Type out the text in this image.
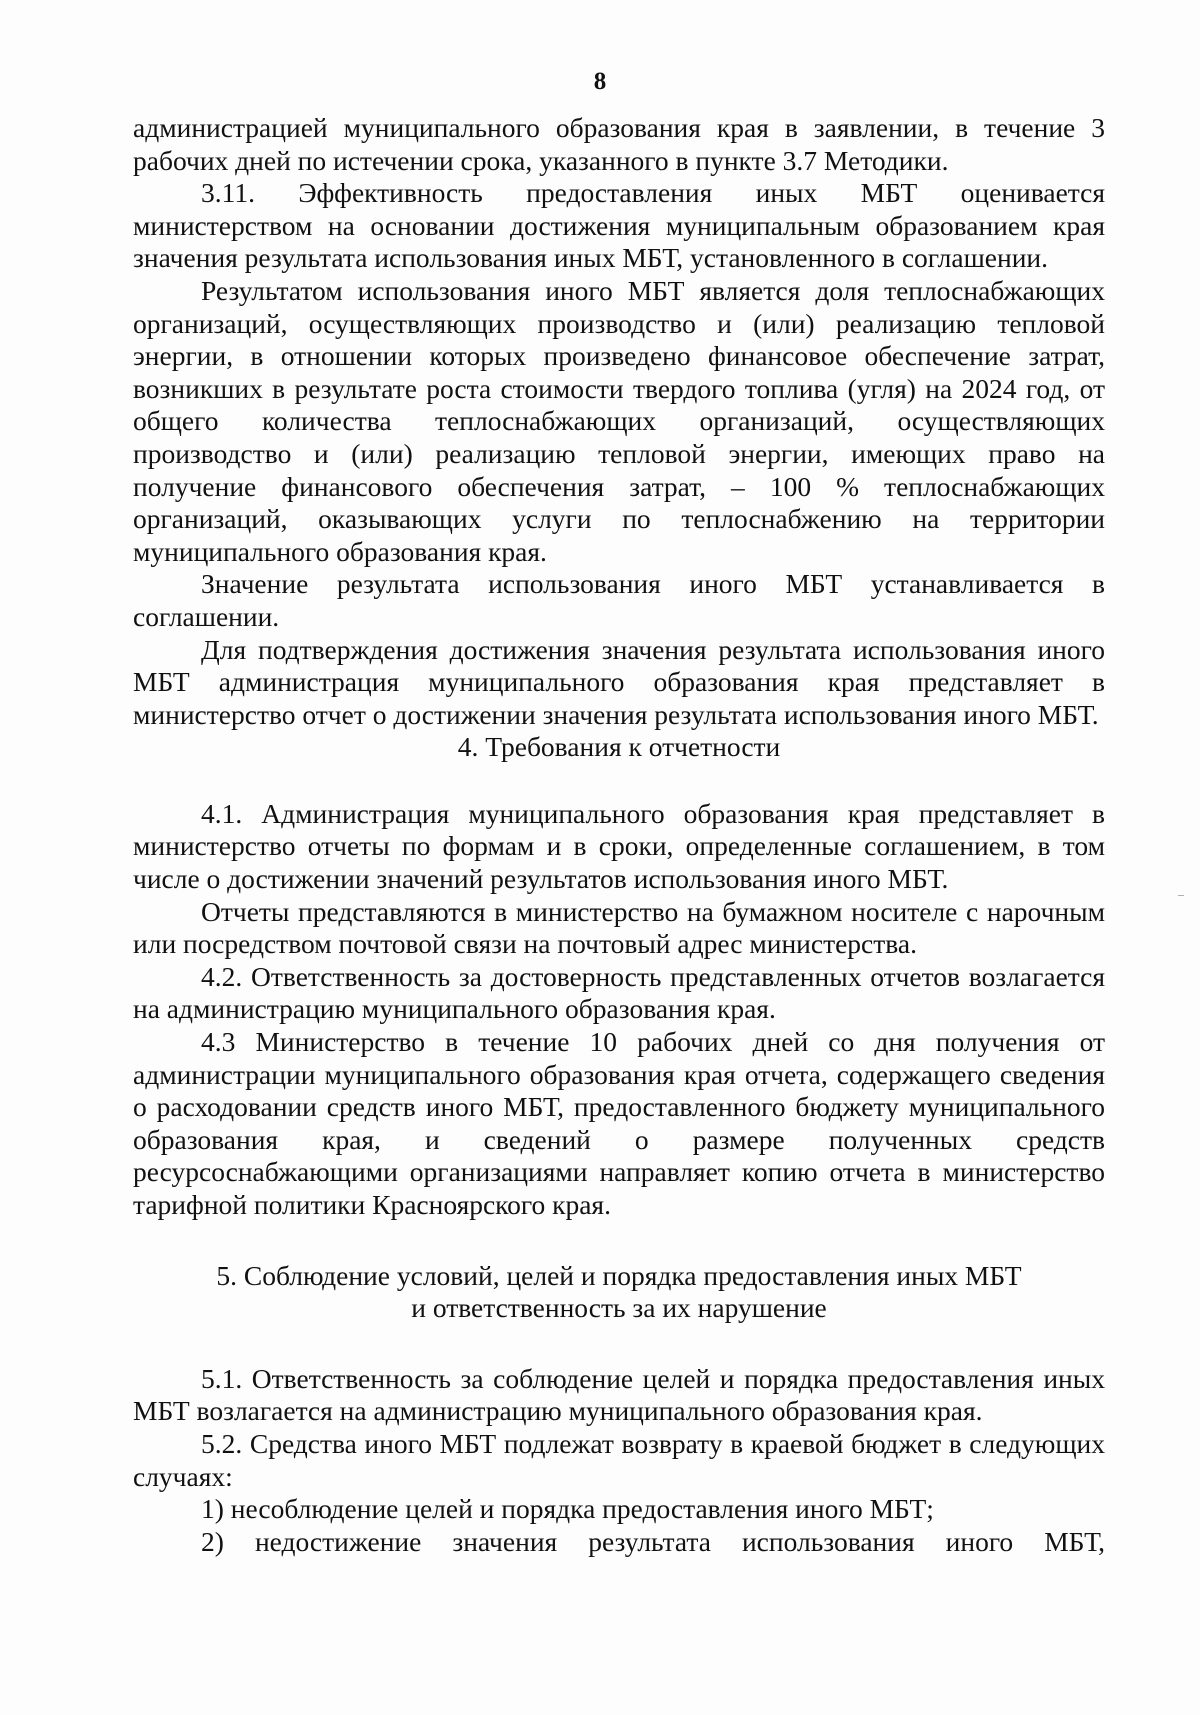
8

администрацией муниципального образования края в заявлении, в течение 3 рабочих дней по истечении срока, указанного в пункте 3.7 Методики.

3.11. Эффективность предоставления иных МБТ оценивается министерством на основании достижения муниципальным образованием края значения результата использования иных МБТ, установленного в соглашении.

Результатом использования иного МБТ является доля теплоснабжающих организаций, осуществляющих производство и (или) реализацию тепловой энергии, в отношении которых произведено финансовое обеспечение затрат, возникших в результате роста стоимости твердого топлива (угля) на 2024 год, от общего количества теплоснабжающих организаций, осуществляющих производство и (или) реализацию тепловой энергии, имеющих право на получение финансового обеспечения затрат, – 100 % теплоснабжающих организаций, оказывающих услуги по теплоснабжению на территории муниципального образования края.

Значение результата использования иного МБТ устанавливается в соглашении.

Для подтверждения достижения значения результата использования иного МБТ администрация муниципального образования края представляет в министерство отчет о достижении значения результата использования иного МБТ.

4. Требования к отчетности

4.1. Администрация муниципального образования края представляет в министерство отчеты по формам и в сроки, определенные соглашением, в том числе о достижении значений результатов использования иного МБТ.

Отчеты представляются в министерство на бумажном носителе с нарочным или посредством почтовой связи на почтовый адрес министерства.

4.2. Ответственность за достоверность представленных отчетов возлагается на администрацию муниципального образования края.

4.3 Министерство в течение 10 рабочих дней со дня получения от администрации муниципального образования края отчета, содержащего сведения о расходовании средств иного МБТ, предоставленного бюджету муниципального образования края, и сведений о размере полученных средств ресурсоснабжающими организациями направляет копию отчета в министерство тарифной политики Красноярского края.

5. Соблюдение условий, целей и порядка предоставления иных МБТ

и ответственность за их нарушение

5.1. Ответственность за соблюдение целей и порядка предоставления иных МБТ возлагается на администрацию муниципального образования края.

5.2. Средства иного МБТ подлежат возврату в краевой бюджет в следующих случаях:

1) несоблюдение целей и порядка предоставления иного МБТ;

2) недостижение значения результата использования иного МБТ,
